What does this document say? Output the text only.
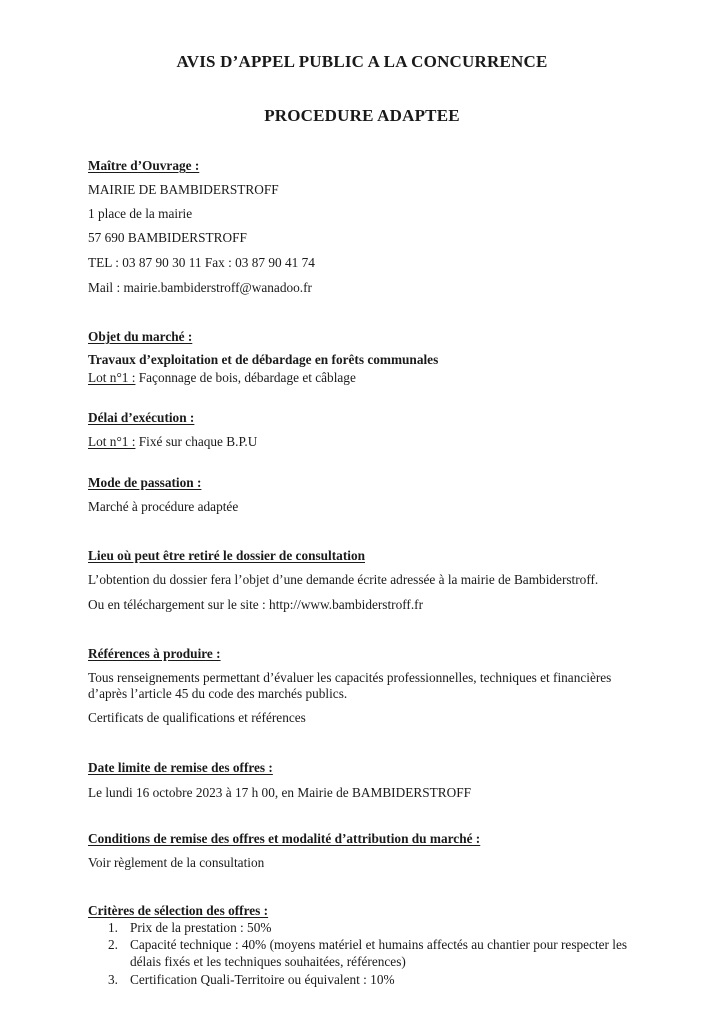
AVIS D’APPEL PUBLIC A LA CONCURRENCE
PROCEDURE ADAPTEE
Maître d’Ouvrage :
MAIRIE DE BAMBIDERSTROFF
1 place de la mairie
57 690 BAMBIDERSTROFF
TEL : 03 87 90 30 11 Fax : 03 87 90 41 74
Mail : mairie.bambiderstroff@wanadoo.fr
Objet du marché :
Travaux d’exploitation et de débardage en forêts communales
Lot n°1 : Façonnage de bois, débardage et câblage
Délai d’exécution :
Lot n°1 : Fixé sur chaque B.P.U
Mode de passation :
Marché à procédure adaptée
Lieu où peut être retiré le dossier de consultation
L’obtention du dossier fera l’objet d’une demande écrite adressée à la mairie de Bambiderstroff.
Ou en téléchargement sur le site : http://www.bambiderstroff.fr
Références à produire :
Tous renseignements permettant d’évaluer les capacités professionnelles, techniques et financières
d’après l’article 45 du code des marchés publics.
Certificats de qualifications et références
Date limite de remise des offres :
Le lundi 16 octobre 2023 à 17 h 00, en Mairie de BAMBIDERSTROFF
Conditions de remise des offres et modalité d’attribution du marché :
Voir règlement de la consultation
Critères de sélection des offres :
1. Prix de la prestation : 50%
2. Capacité technique : 40% (moyens matériel et humains affectés au chantier pour respecter les
délais fixés et les techniques souhaitées, références)
3. Certification Quali-Territoire ou équivalent : 10%
